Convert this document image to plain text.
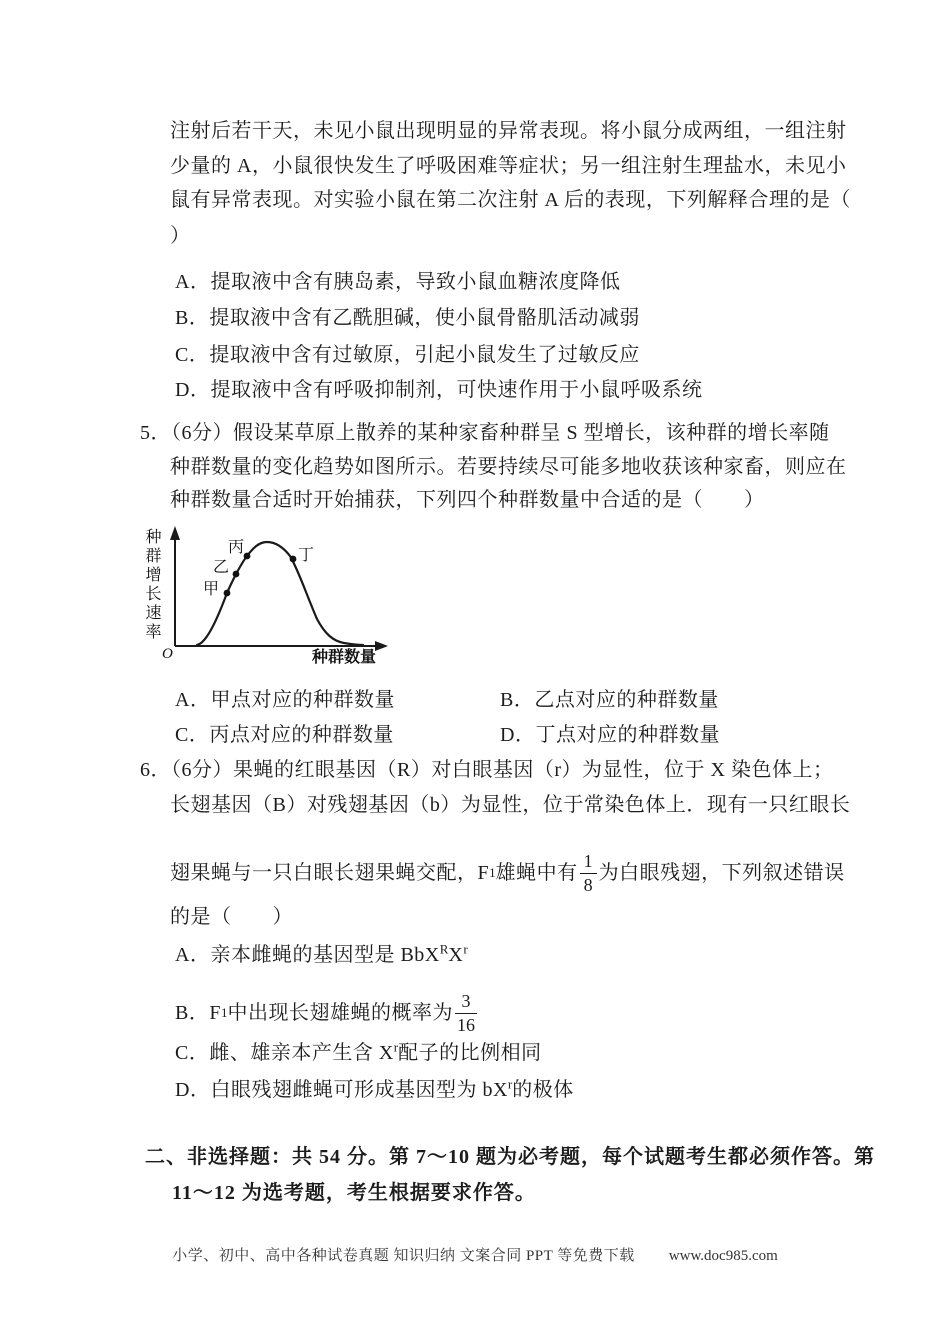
注射后若干天，未见小鼠出现明显的异常表现。将小鼠分成两组，一组注射
少量的 A，小鼠很快发生了呼吸困难等症状；另一组注射生理盐水，未见小
鼠有异常表现。对实验小鼠在第二次注射 A 后的表现，下列解释合理的是（
）
A．提取液中含有胰岛素，导致小鼠血糖浓度降低
B．提取液中含有乙酰胆碱，使小鼠骨骼肌活动减弱
C．提取液中含有过敏原，引起小鼠发生了过敏反应
D．提取液中含有呼吸抑制剂，可快速作用于小鼠呼吸系统
5．（6分）假设某草原上散养的某种家畜种群呈 S 型增长，该种群的增长率随
种群数量的变化趋势如图所示。若要持续尽可能多地收获该种家畜，则应在
种群数量合适时开始捕获，下列四个种群数量中合适的是（　　）
种群增长速率
O	种群数量
甲
乙
丙	丁
A．甲点对应的种群数量	B．乙点对应的种群数量
C．丙点对应的种群数量	D．丁点对应的种群数量
6．（6分）果蝇的红眼基因（R）对白眼基因（r）为显性，位于 X 染色体上；
长翅基因（B）对残翅基因（b）为显性，位于常染色体上．现有一只红眼长
翅果蝇与一只白眼长翅果蝇交配，F 1 雄蝇中有 $\frac{1}{8}$ 为白眼残翅，下列叙述错误
的是（　　）
A．亲本雌蝇的基因型是 $BbX^RX^r$
B．F 1 中出现长翅雄蝇的概率为 $\frac{3}{16}$
C．雌、雄亲本产生含 $X^r$配子的比例相同
D．白眼残翅雌蝇可形成基因型为 $bX^r$的极体
二、非选择题：共 54 分。第 7～10 题为必考题，每个试题考生都必须作答。第
11～12 为选考题，考生根据要求作答。
小学、初中、高中各种试卷真题 知识归纳 文案合同 PPT 等免费下载 www.doc985.com
